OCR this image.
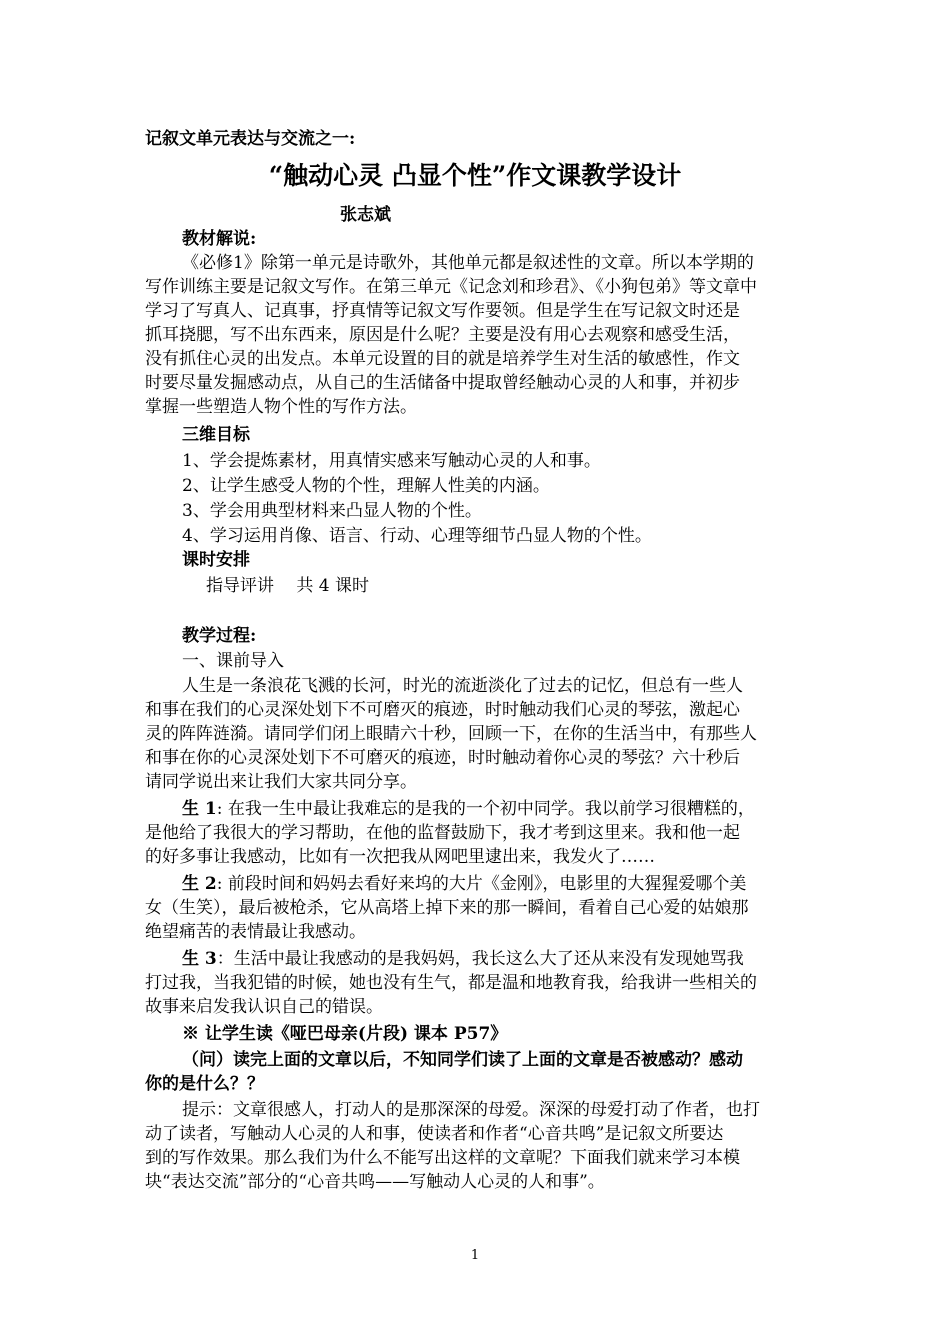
记叙文单元表达与交流之一:
“触动心灵 凸显个性”作文课教学设计
张志斌
教材解说:
《必修1》除第一单元是诗歌外，其他单元都是叙述性的文章。所以本学期的
写作训练主要是记叙文写作。在第三单元《记念刘和珍君》、《小狗包弟》等文章中
学习了写真人、记真事，抒真情等记叙文写作要领。但是学生在写记叙文时还是
抓耳挠腮，写不出东西来，原因是什么呢？主要是没有用心去观察和感受生活，
没有抓住心灵的出发点。本单元设置的目的就是培养学生对生活的敏感性，作文
时要尽量发掘感动点，从自己的生活储备中提取曾经触动心灵的人和事，并初步
掌握一些塑造人物个性的写作方法。
三维目标
1、学会提炼素材，用真情实感来写触动心灵的人和事。
2、让学生感受人物的个性，理解人性美的内涵。
3、学会用典型材料来凸显人物的个性。
4、学习运用肖像、语言、行动、心理等细节凸显人物的个性。
课时安排
指导评讲　 共 4 课时
教学过程:
一、课前导入
人生是一条浪花飞溅的长河，时光的流逝淡化了过去的记忆，但总有一些人
和事在我们的心灵深处划下不可磨灭的痕迹，时时触动我们心灵的琴弦，激起心
灵的阵阵涟漪。请同学们闭上眼睛六十秒，回顾一下，在你的生活当中，有那些人
和事在你的心灵深处划下不可磨灭的痕迹，时时触动着你心灵的琴弦？六十秒后
请同学说出来让我们大家共同分享。
生 1: 在我一生中最让我难忘的是我的一个初中同学。我以前学习很糟糕的，
是他给了我很大的学习帮助，在他的监督鼓励下，我才考到这里来。我和他一起
的好多事让我感动，比如有一次把我从网吧里逮出来，我发火了……
生 2: 前段时间和妈妈去看好来坞的大片《金刚》，电影里的大猩猩爱哪个美
女（生笑），最后被枪杀，它从高塔上掉下来的那一瞬间，看着自己心爱的姑娘那
绝望痛苦的表情最让我感动。
生 3：生活中最让我感动的是我妈妈，我长这么大了还从来没有发现她骂我
打过我，当我犯错的时候，她也没有生气，都是温和地教育我，给我讲一些相关的
故事来启发我认识自己的错误。
※ 让学生读《哑巴母亲(片段) 课本 P57》
（问）读完上面的文章以后，不知同学们读了上面的文章是否被感动？感动
你的是什么？？
提示：文章很感人，打动人的是那深深的母爱。深深的母爱打动了作者，也打
动了读者，写触动人心灵的人和事，使读者和作者“心音共鸣”是记叙文所要达
到的写作效果。那么我们为什么不能写出这样的文章呢？下面我们就来学习本模
块“表达交流”部分的“心音共鸣——写触动人心灵的人和事”。
1
